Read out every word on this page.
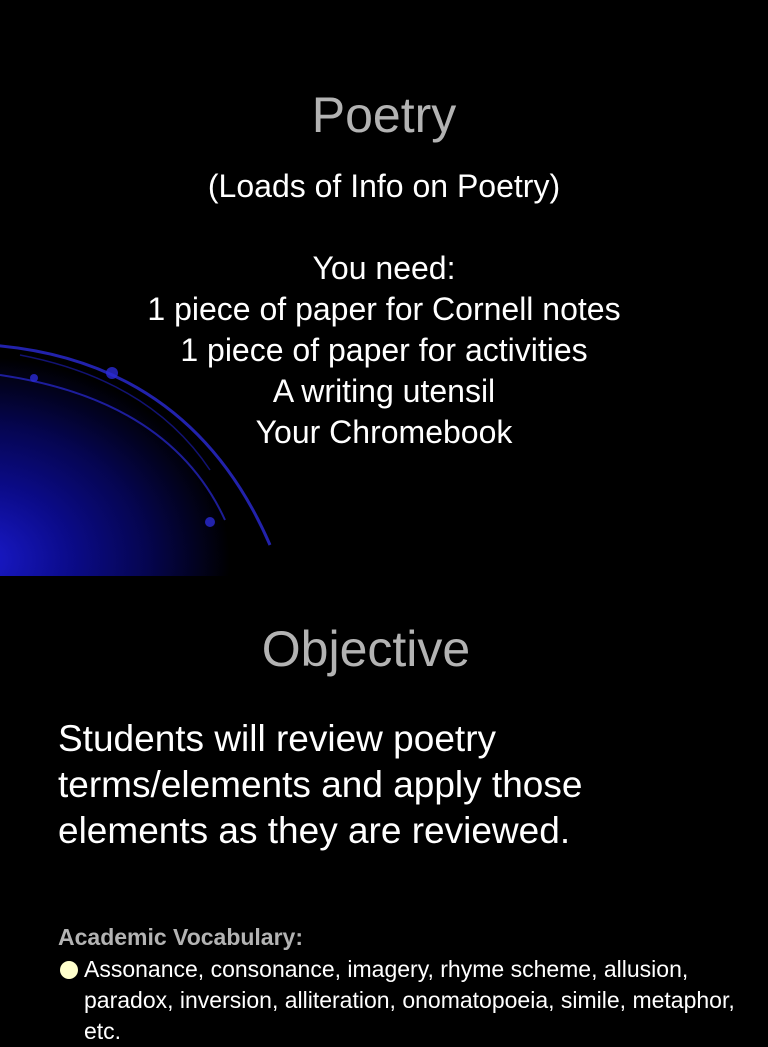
Poetry
(Loads of Info on Poetry)
You need:
1 piece of paper for Cornell notes
1 piece of paper for activities
A writing utensil
Your Chromebook
Objective

Students will review poetry terms/elements and apply those elements as they are reviewed.

Academic Vocabulary:

Assonance, consonance, imagery, rhyme scheme, allusion, paradox, inversion, alliteration, onomatopoeia, simile, metaphor, etc.
